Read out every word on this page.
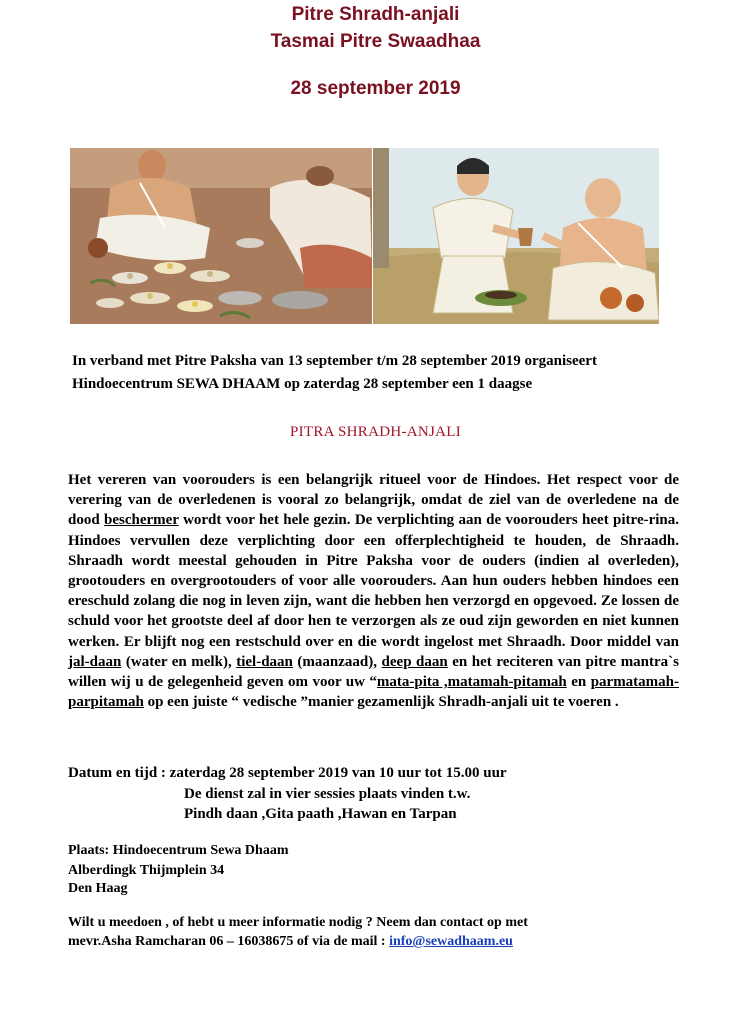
Pitre Shradh-anjali
Tasmai Pitre Swaadhaa
28 september 2019
In verband met Pitre Paksha van 13 september t/m 28 september 2019 organiseert
Hindoecentrum SEWA DHAAM op zaterdag 28 september een 1 daagse
PITRA SHRADH-ANJALI
Het vereren van voorouders is een belangrijk ritueel voor de Hindoes. Het respect voor de verering van de overledenen is vooral zo belangrijk, omdat de ziel van de overledene na de dood beschermer wordt voor het hele gezin. De verplichting aan de voorouders heet pitre-rina. Hindoes vervullen deze verplichting door een offerplechtigheid te houden, de Shraadh. Shraadh wordt meestal gehouden in Pitre Paksha voor de ouders (indien al overleden), grootouders en overgrootouders of voor alle voorouders. Aan hun ouders hebben hindoes een ereschuld zolang die nog in leven zijn, want die hebben hen verzorgd en opgevoed. Ze lossen de schuld voor het grootste deel af door hen te verzorgen als ze oud zijn geworden en niet kunnen werken. Er blijft nog een restschuld over en die wordt ingelost met Shraadh. Door middel van jal-daan (water en melk), tiel-daan (maanzaad), deep daan en het reciteren van pitre mantra`s willen wij u de gelegenheid geven om voor uw “mata-pita ,matamah-pitamah en parmatamah-parpitamah op een juiste “ vedische ”manier gezamenlijk Shradh-anjali uit te voeren .
Datum en tijd : zaterdag 28 september 2019 van 10 uur tot 15.00 uur
De dienst zal in vier sessies plaats vinden t.w.
Pindh daan ,Gita paath ,Hawan en Tarpan
Plaats: Hindoecentrum Sewa Dhaam
Alberdingk Thijmplein 34
Den Haag
Wilt u meedoen , of hebt u meer informatie nodig ? Neem dan contact op met
mevr.Asha Ramcharan 06 – 16038675 of via de mail : info@sewadhaam.eu
